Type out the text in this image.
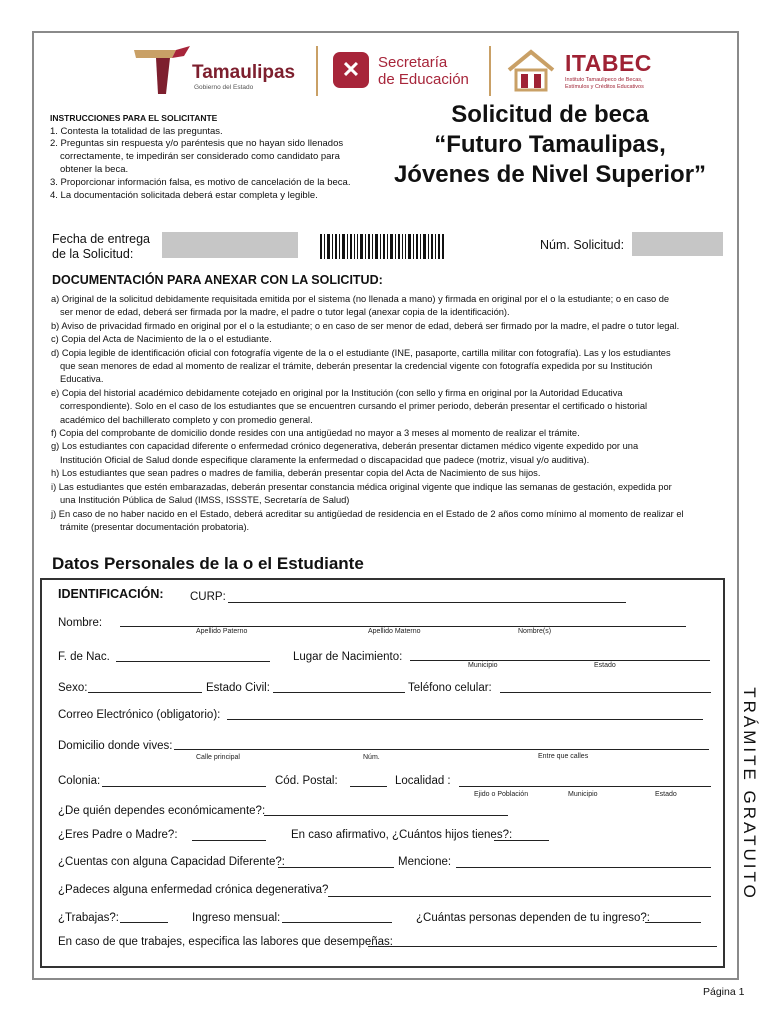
Tamaulipas
Gobierno del Estado
✕	Secretaría
de Educación
ITABEC
Instituto Tamaulipeco de Becas, Estímulos y Créditos Educativos

INSTRUCCIONES PARA EL SOLICITANTE

1. Contesta la totalidad de las preguntas.

2. Preguntas sin respuesta y/o paréntesis que no hayan sido llenados

correctamente, te impedirán ser considerado como candidato para

obtener la beca.

3. Proporcionar información falsa, es motivo de cancelación de la beca.

4. La documentación solicitada deberá estar completa y legible.

Solicitud de beca
“Futuro Tamaulipas,
Jóvenes de Nivel Superior”
Fecha de entrega
de la Solicitud:
Núm. Solicitud:
DOCUMENTACIÓN PARA ANEXAR CON LA SOLICITUD:

a) Original de la solicitud debidamente requisitada emitida por el sistema (no llenada a mano) y firmada en original por el o la estudiante; o en caso de

ser menor de edad, deberá ser firmada por la madre, el padre o tutor legal (anexar copia de la identificación).

b) Aviso de privacidad firmado en original por el o la estudiante; o en caso de ser menor de edad, deberá ser firmado por la madre, el padre o tutor legal.

c) Copia del Acta de Nacimiento de la o el estudiante.

d) Copia legible de identificación oficial con fotografía vigente de la o el estudiante (INE, pasaporte, cartilla militar con fotografía). Las y los estudiantes

que sean menores de edad al momento de realizar el trámite, deberán presentar la credencial vigente con fotografía expedida por su Institución

Educativa.

e) Copia del historial académico debidamente cotejado en original por la Institución (con sello y firma en original por la Autoridad Educativa

correspondiente). Solo en el caso de los estudiantes que se encuentren cursando el primer periodo, deberán presentar el certificado o historial

académico del bachillerato completo y con promedio general.

f) Copia del comprobante de domicilio donde resides con una antigüedad no mayor a 3 meses al momento de realizar el trámite.

g) Los estudiantes con capacidad diferente o enfermedad crónico degenerativa, deberán presentar dictamen médico vigente expedido por una

Institución Oficial de Salud donde especifique claramente la enfermedad o discapacidad que padece (motriz, visual y/o auditiva).

h) Los estudiantes que sean padres o madres de familia, deberán presentar copia del Acta de Nacimiento de sus hijos.

i) Las estudiantes que estén embarazadas, deberán presentar constancia médica original vigente que indique las semanas de gestación, expedida por

una Institución Pública de Salud (IMSS, ISSSTE, Secretaría de Salud)

j) En caso de no haber nacido en el Estado, deberá acreditar su antigüedad de residencia en el Estado de 2 años como mínimo al momento de realizar el

trámite (presentar documentación probatoria).

Datos Personales de la o el Estudiante
IDENTIFICACIÓN: CURP:
Nombre:
Apellido Paterno	Apellido Materno	Nombre(s)
F. de Nac.	Lugar de Nacimiento:
Municipio	Estado
Sexo:	Estado Civil:	Teléfono celular:
Correo Electrónico (obligatorio):
Domicilio donde vives:
Calle principal	Núm.	Entre que calles
Colonia:	Cód. Postal:	Localidad :
Ejido o Población	Municipio	Estado
¿De quién dependes económicamente?:
¿Eres Padre o Madre?:	En caso afirmativo, ¿Cuántos hijos tienes?:
¿Cuentas con alguna Capacidad Diferente?:	Mencione:
¿Padeces alguna enfermedad crónica degenerativa?
¿Trabajas?:	Ingreso mensual:	¿Cuántas personas dependen de tu ingreso?:
En caso de que trabajes, especifica las labores que desempeñas:
TRÁMITE GRATUITO
Página 1
